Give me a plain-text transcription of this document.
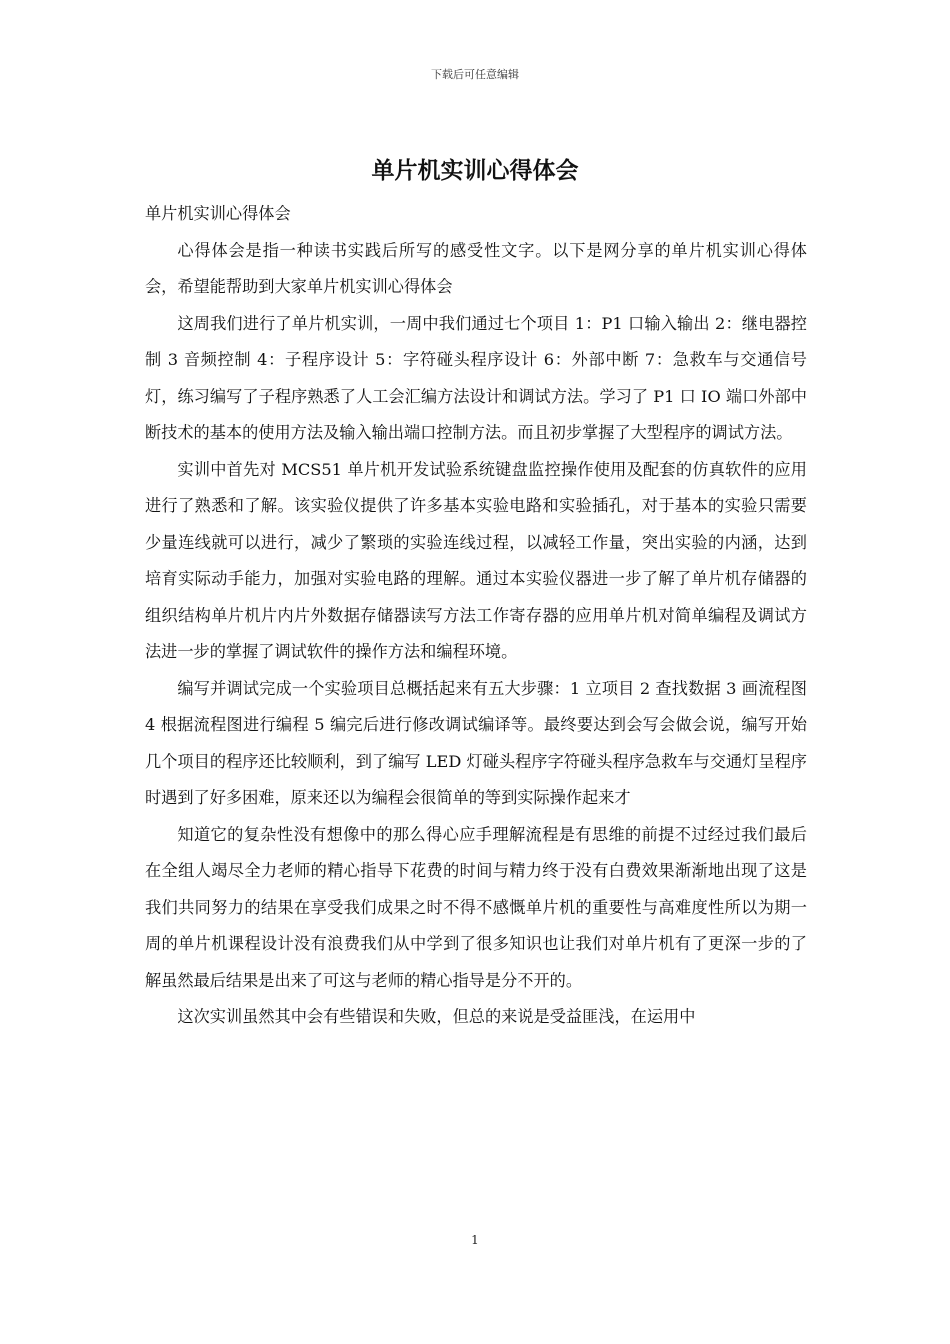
下载后可任意编辑
单片机实训心得体会

单片机实训心得体会

心得体会是指一种读书实践后所写的感受性文字。以下是网分享的单片机实训心得体会，希望能帮助到大家单片机实训心得体会

这周我们进行了单片机实训，一周中我们通过七个项目 1：P1 口输入输出 2：继电器控制 3 音频控制 4：子程序设计 5：字符碰头程序设计 6：外部中断 7：急救车与交通信号灯，练习编写了子程序熟悉了人工会汇编方法设计和调试方法。学习了 P1 口 IO 端口外部中断技术的基本的使用方法及输入输出端口控制方法。而且初步掌握了大型程序的调试方法。

实训中首先对 MCS51 单片机开发试验系统键盘监控操作使用及配套的仿真软件的应用进行了熟悉和了解。该实验仪提供了许多基本实验电路和实验插孔，对于基本的实验只需要少量连线就可以进行，减少了繁琐的实验连线过程，以减轻工作量，突出实验的内涵，达到培育实际动手能力，加强对实验电路的理解。通过本实验仪器进一步了解了单片机存储器的组织结构单片机片内片外数据存储器读写方法工作寄存器的应用单片机对简单编程及调试方法进一步的掌握了调试软件的操作方法和编程环境。

编写并调试完成一个实验项目总概括起来有五大步骤：1 立项目 2 查找数据 3 画流程图 4 根据流程图进行编程 5 编完后进行修改调试编译等。最终要达到会写会做会说，编写开始几个项目的程序还比较顺利，到了编写 LED 灯碰头程序字符碰头程序急救车与交通灯呈程序时遇到了好多困难，原来还以为编程会很简单的等到实际操作起来才

知道它的复杂性没有想像中的那么得心应手理解流程是有思维的前提不过经过我们最后在全组人竭尽全力老师的精心指导下花费的时间与精力终于没有白费效果渐渐地出现了这是我们共同努力的结果在享受我们成果之时不得不感慨单片机的重要性与高难度性所以为期一周的单片机课程设计没有浪费我们从中学到了很多知识也让我们对单片机有了更深一步的了解虽然最后结果是出来了可这与老师的精心指导是分不开的。

这次实训虽然其中会有些错误和失败，但总的来说是受益匪浅，在运用中

1
